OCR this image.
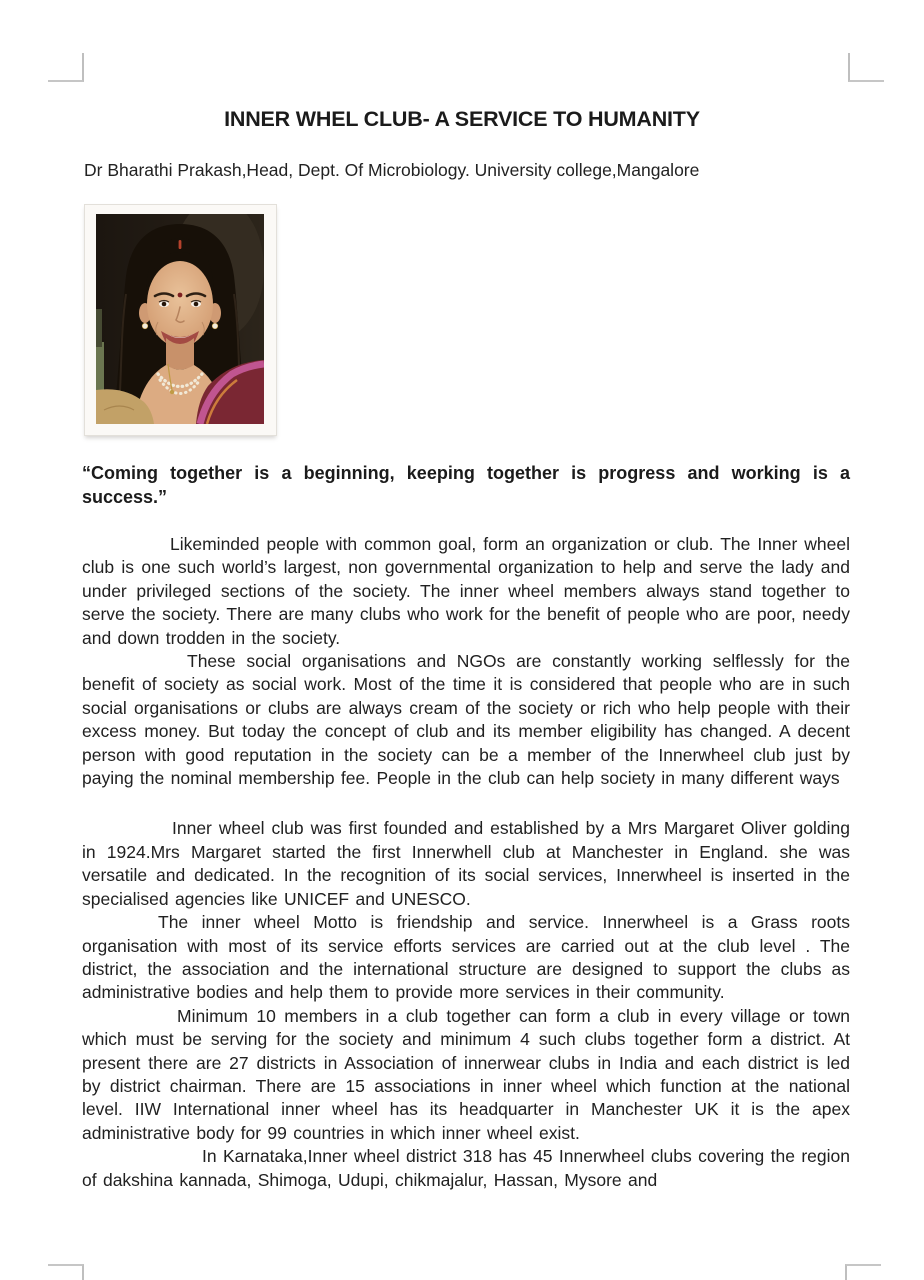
INNER WHEL CLUB- A SERVICE TO HUMANITY

Dr Bharathi Prakash,Head, Dept. Of Microbiology. University college,Mangalore

“Coming together is a beginning, keeping together is progress and working is a success.”

Likeminded people with common goal, form an organization or club. The Inner wheel club is one such world’s largest, non governmental organization to help and serve the lady and under privileged sections of the society. The inner wheel members always stand together to serve the society. There are many clubs who work for the benefit of people who are poor, needy and down trodden in the society.

These social organisations and NGOs are constantly working selflessly for the benefit of society as social work. Most of the time it is considered that people who are in such social organisations or clubs are always cream of the society or rich who help people with their excess money. But today the concept of club and its member eligibility has changed. A decent person with good reputation in the society can be a member of the Innerwheel club just by paying the nominal membership fee. People in the club can help society in many different ways

Inner wheel club was first founded and established by a Mrs Margaret Oliver golding in 1924.Mrs Margaret started the first Innerwhell club at Manchester in England. she was versatile and dedicated. In the recognition of its social services, Innerwheel is inserted in the specialised agencies like UNICEF and UNESCO.

The inner wheel Motto is friendship and service. Innerwheel is a Grass roots organisation with most of its service efforts services are carried out at the club level . The district, the association and the international structure are designed to support the clubs as administrative bodies and help them to provide more services in their community.

Minimum 10 members in a club together can form a club in every village or town which must be serving for the society and minimum 4 such clubs together form a district. At present there are 27 districts in Association of innerwear clubs in India and each district is led by district chairman. There are 15 associations in inner wheel which function at the national level. IIW International inner wheel has its headquarter in Manchester UK it is the apex administrative body for 99 countries in which inner wheel exist.

In Karnataka,Inner wheel district 318 has 45 Innerwheel clubs covering the region of dakshina kannada, Shimoga, Udupi, chikmajalur, Hassan, Mysore and
